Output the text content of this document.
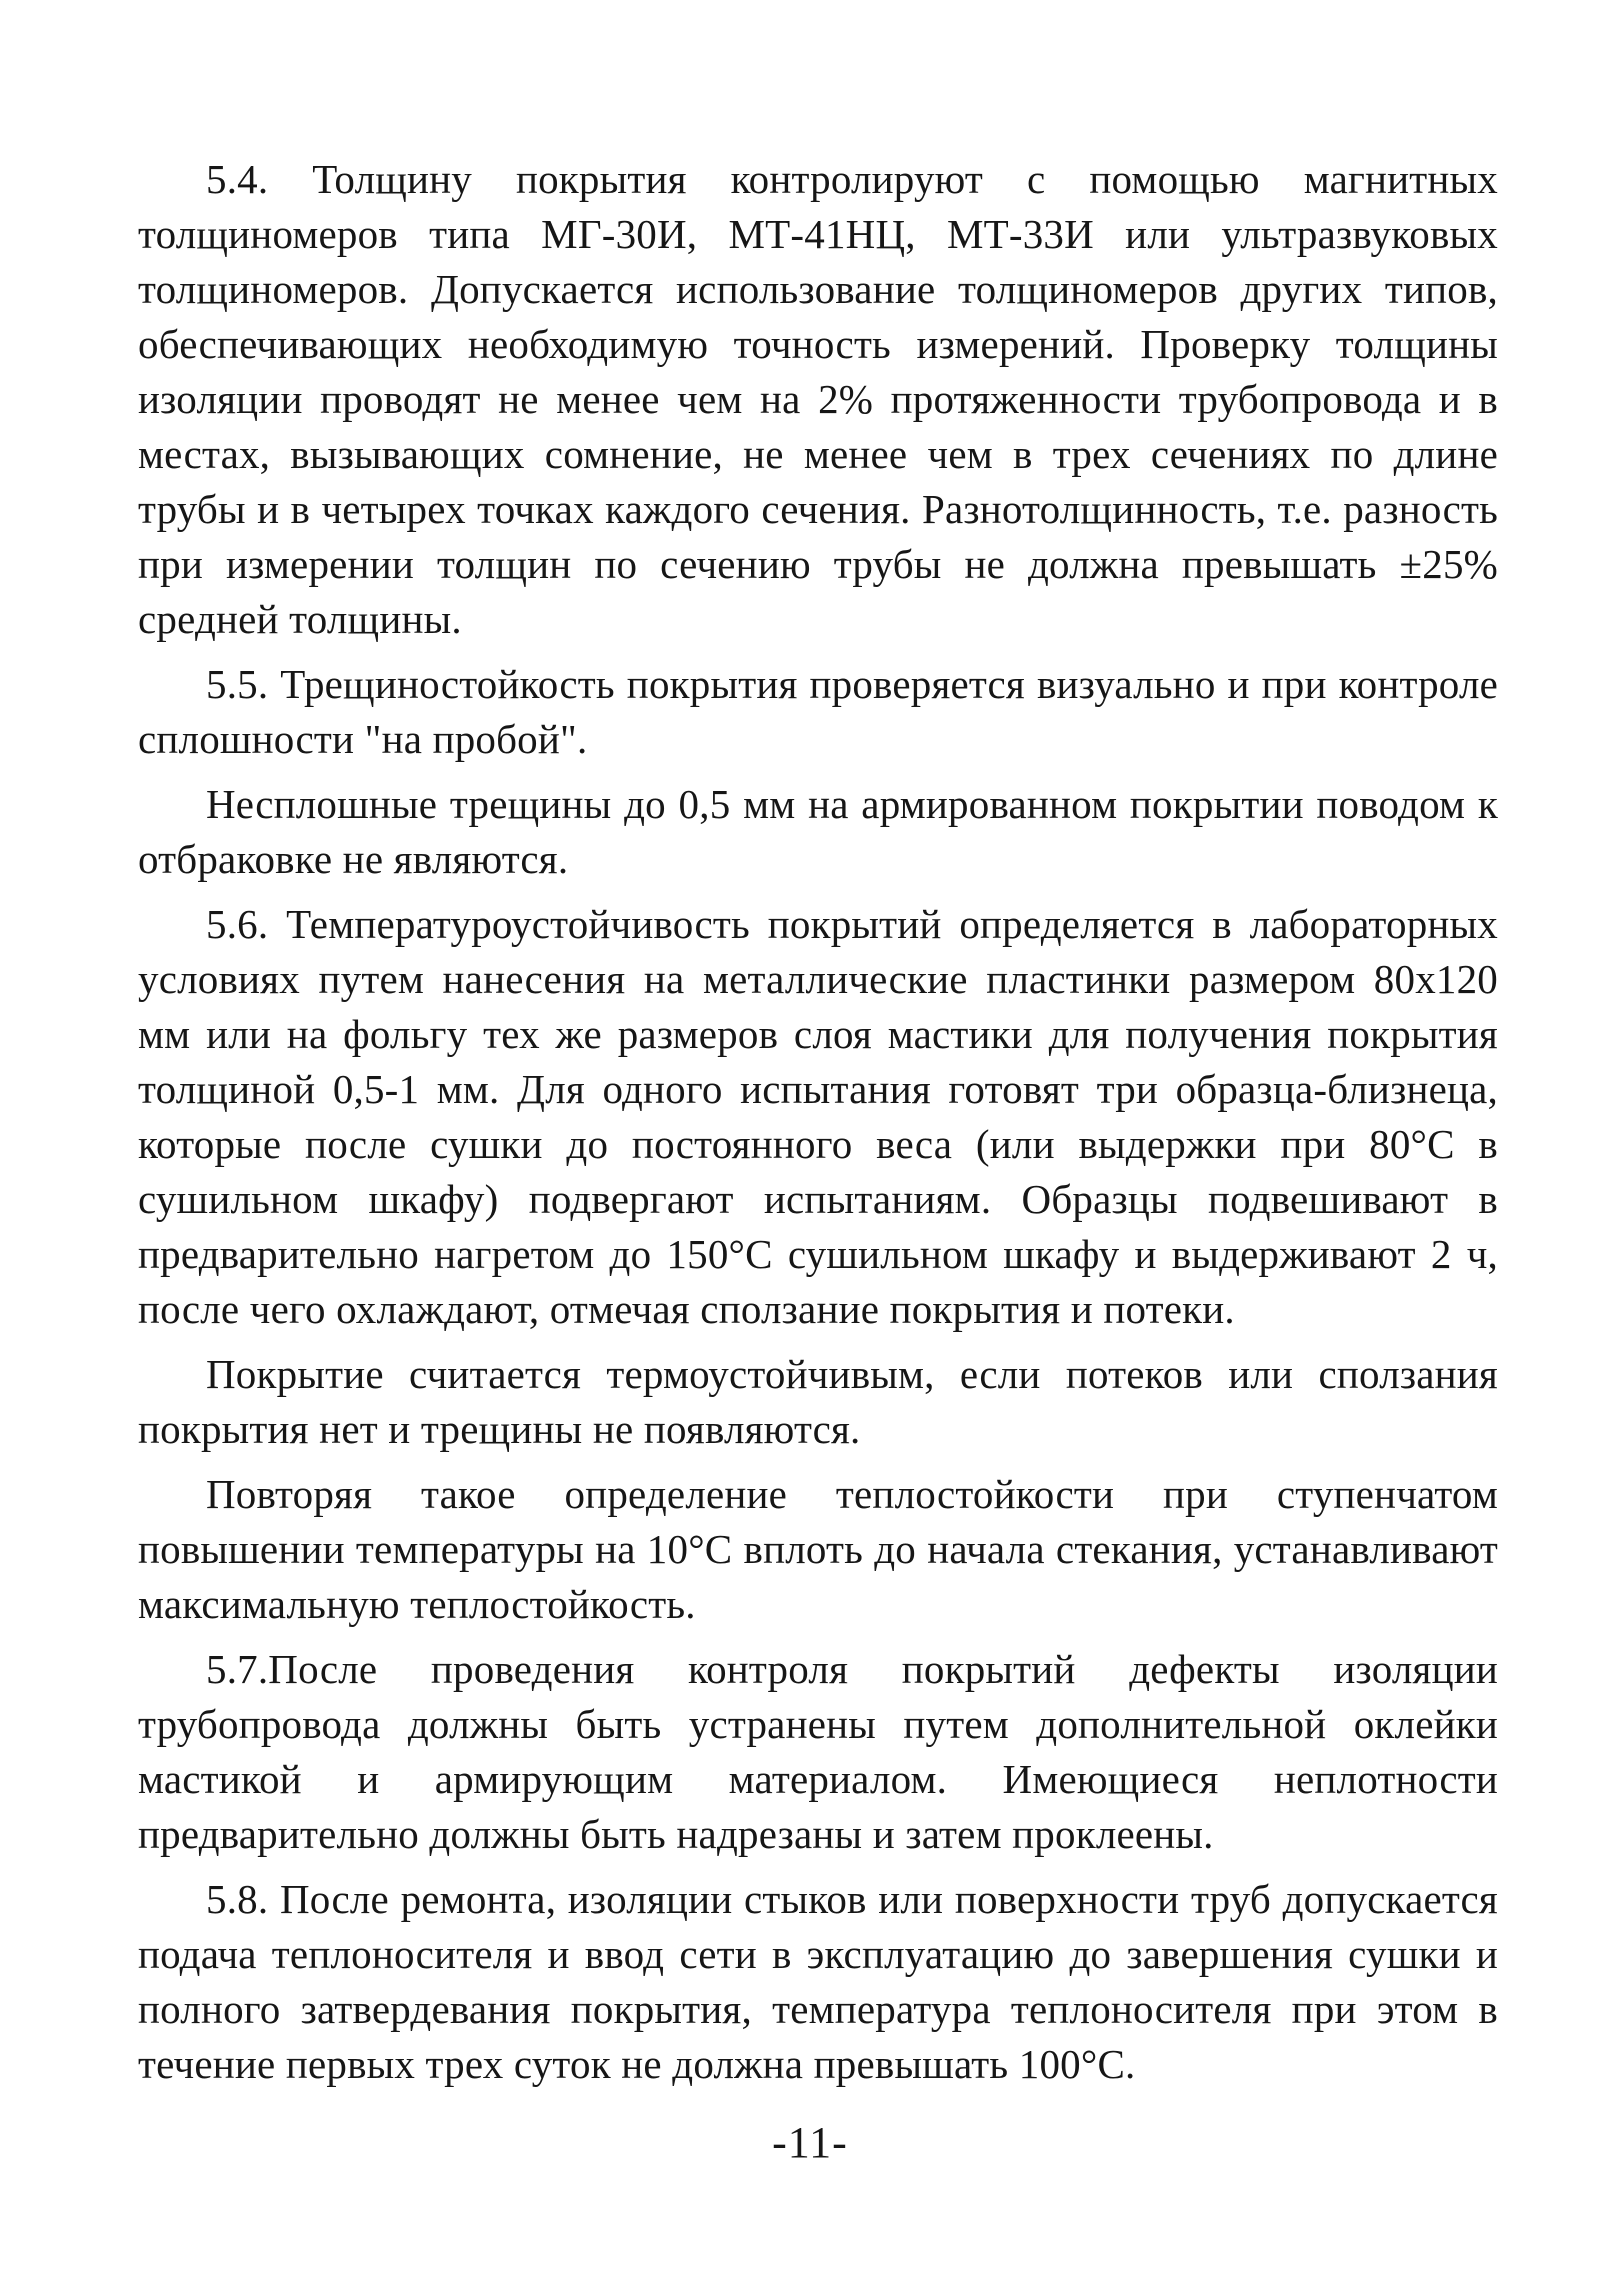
5.4. Толщину покрытия контролируют с помощью магнитных толщиномеров типа МГ-30И, МТ-41НЦ, МТ-33И или ультразвуковых толщиномеров. Допускается использование толщиномеров других типов, обеспечивающих необходимую точность измерений. Проверку толщины изоляции проводят не менее чем на 2% протяженности трубопровода и в местах, вызывающих сомнение, не менее чем в трех сечениях по длине трубы и в четырех точках каждого сечения. Разнотолщинность, т.е. разность при измерении толщин по сечению трубы не должна превышать ±25% средней толщины.

5.5. Трещиностойкость покрытия проверяется визуально и при контроле сплошности "на пробой".

Несплошные трещины до 0,5 мм на армированном покрытии поводом к отбраковке не являются.

5.6. Температуроустойчивость покрытий определяется в лабораторных условиях путем нанесения на металлические пластинки размером 80х120 мм или на фольгу тех же размеров слоя мастики для получения покрытия толщиной 0,5-1 мм. Для одного испытания готовят три образца-близнеца, которые после сушки до постоянного веса (или выдержки при 80°С в сушильном шкафу) подвергают испытаниям. Образцы подвешивают в предварительно нагретом до 150°С сушильном шкафу и выдерживают 2 ч, после чего охлаждают, отмечая сползание покрытия и потеки.

Покрытие считается термоустойчивым, если потеков или сползания покрытия нет и трещины не появляются.

Повторяя такое определение теплостойкости при ступенчатом повышении температуры на 10°С вплоть до начала стекания, устанавливают максимальную теплостойкость.

5.7.После проведения контроля покрытий дефекты изоляции трубопровода должны быть устранены путем дополнительной оклейки мастикой и армирующим материалом. Имеющиеся неплотности предварительно должны быть надрезаны и затем проклеены.

5.8. После ремонта, изоляции стыков или поверхности труб допускается подача теплоносителя и ввод сети в эксплуатацию до завершения сушки и полного затвердевания покрытия, температура теплоносителя при этом в течение первых трех суток не должна превышать 100°С.

-11-
